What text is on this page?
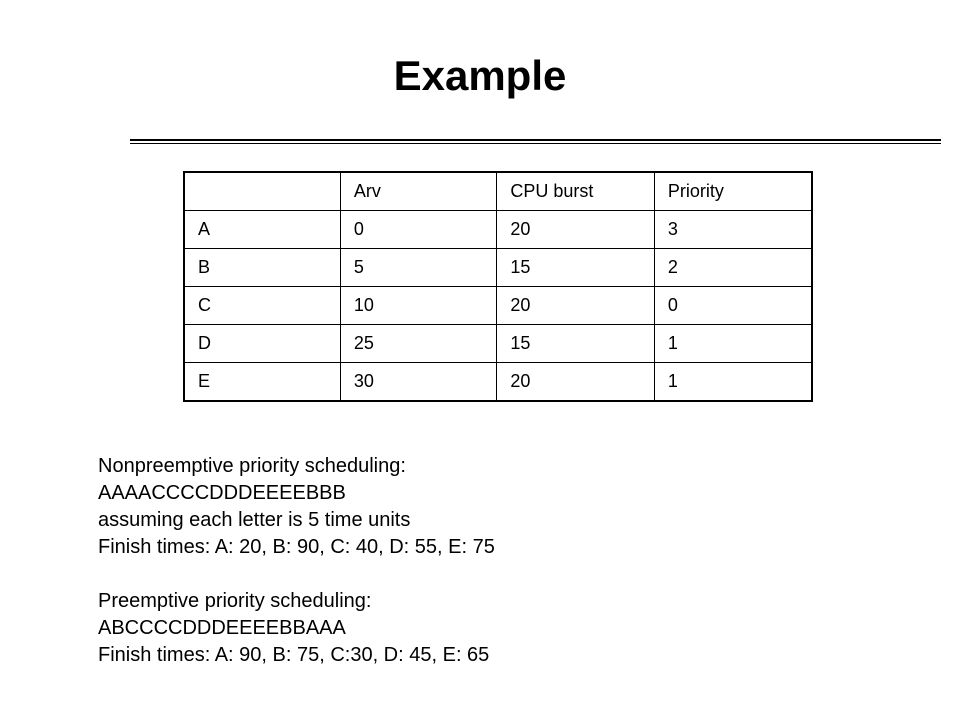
Example
	Arv	CPU burst	Priority
A	0	20	3
B	5	15	2
C	10	20	0
D	25	15	1
E	30	20	1
Nonpreemptive priority scheduling:
AAAACCCCDDDEEEEBBB
assuming each letter is 5 time units
Finish times: A: 20, B: 90, C: 40, D: 55, E: 75
Preemptive priority scheduling:
ABCCCCDDDEEEEBBAAA
Finish times: A: 90, B: 75, C:30, D: 45, E: 65
